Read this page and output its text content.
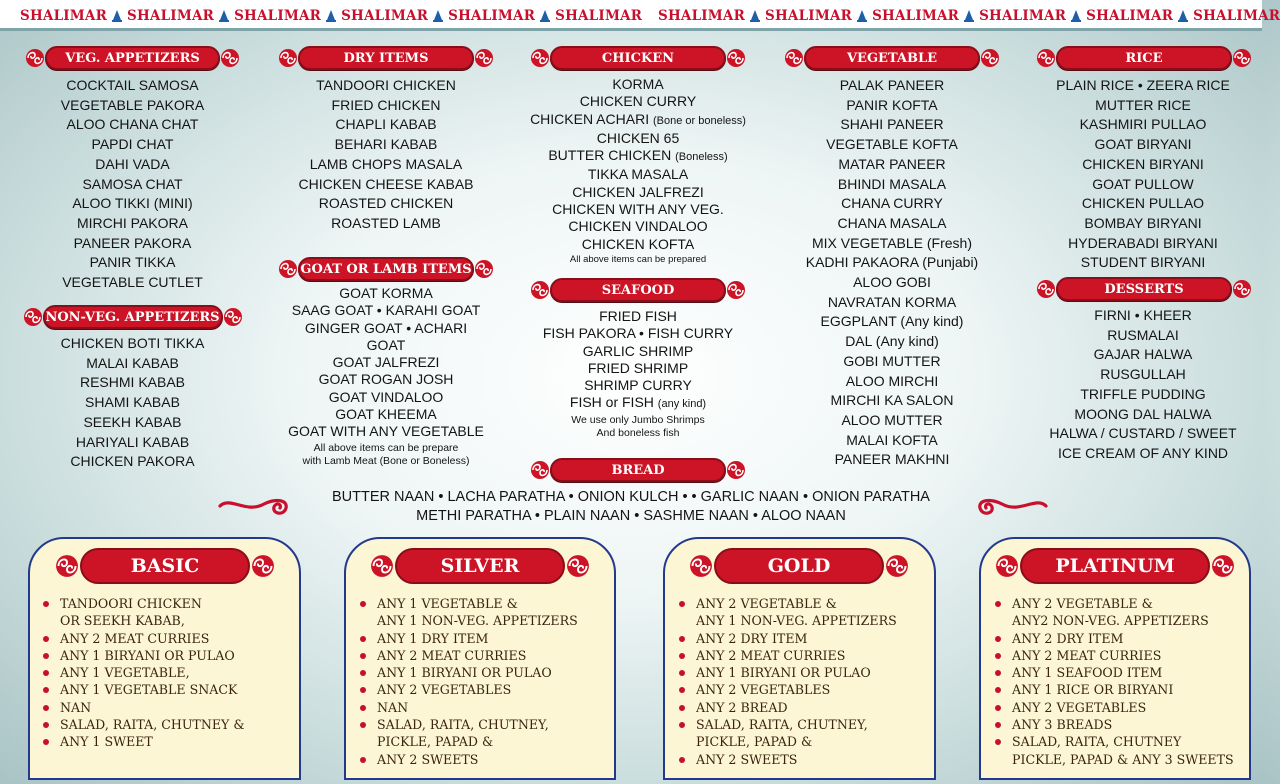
SHALIMAR SHALIMAR SHALIMAR SHALIMAR SHALIMAR SHALIMAR SHALIMAR SHALIMAR SHALIMAR SHALIMAR SHALIMAR SHALIMAR
VEG. APPETIZERS
COCKTAIL SAMOSA
VEGETABLE PAKORA
ALOO CHANA CHAT
PAPDI CHAT
DAHI VADA
SAMOSA CHAT
ALOO TIKKI (MINI)
MIRCHI PAKORA
PANEER PAKORA
PANIR TIKKA
VEGETABLE CUTLET
NON-VEG. APPETIZERS
CHICKEN BOTI TIKKA
MALAI KABAB
RESHMI KABAB
SHAMI KABAB
SEEKH KABAB
HARIYALI KABAB
CHICKEN PAKORA
DRY ITEMS
TANDOORI CHICKEN
FRIED CHICKEN
CHAPLI KABAB
BEHARI KABAB
LAMB CHOPS MASALA
CHICKEN CHEESE KABAB
ROASTED CHICKEN
ROASTED LAMB
GOAT OR LAMB ITEMS
GOAT KORMA
SAAG GOAT • KARAHI GOAT
GINGER GOAT • ACHARI
GOAT
GOAT JALFREZI
GOAT ROGAN JOSH
GOAT VINDALOO
GOAT KHEEMA
GOAT WITH ANY VEGETABLE
All above items can be prepare
with Lamb Meat (Bone or Boneless)
CHICKEN
KORMA
CHICKEN CURRY
CHICKEN ACHARI (Bone or boneless)
CHICKEN 65
BUTTER CHICKEN (Boneless)
TIKKA MASALA
CHICKEN JALFREZI
CHICKEN WITH ANY VEG.
CHICKEN VINDALOO
CHICKEN KOFTA
All above items can be prepared
SEAFOOD
FRIED FISH
FISH PAKORA • FISH CURRY
GARLIC SHRIMP
FRIED SHRIMP
SHRIMP CURRY
FISH or FISH (any kind)
We use only Jumbo Shrimps
And boneless fish
BREAD
VEGETABLE
PALAK PANEER
PANIR KOFTA
SHAHI PANEER
VEGETABLE KOFTA
MATAR PANEER
BHINDI MASALA
CHANA CURRY
CHANA MASALA
MIX VEGETABLE (Fresh)
KADHI PAKAORA (Punjabi)
ALOO GOBI
NAVRATAN KORMA
EGGPLANT (Any kind)
DAL (Any kind)
GOBI MUTTER
ALOO MIRCHI
MIRCHI KA SALON
ALOO MUTTER
MALAI KOFTA
PANEER MAKHNI
RICE
PLAIN RICE • ZEERA RICE
MUTTER RICE
KASHMIRI PULLAO
GOAT BIRYANI
CHICKEN BIRYANI
GOAT PULLOW
CHICKEN PULLAO
BOMBAY BIRYANI
HYDERABADI BIRYANI
STUDENT BIRYANI
DESSERTS
FIRNI • KHEER
RUSMALAI
GAJAR HALWA
RUSGULLAH
TRIFFLE PUDDING
MOONG DAL HALWA
HALWA / CUSTARD / SWEET
ICE CREAM OF ANY KIND
BUTTER NAAN • LACHA PARATHA • ONION KULCH • • GARLIC NAAN • ONION PARATHA
METHI PARATHA • PLAIN NAAN • SASHME NAAN • ALOO NAAN
BASIC	SILVER	GOLD	PLATINUM
TANDOORI CHICKEN
OR SEEKH KABAB,
ANY 2 MEAT CURRIES
ANY 1 BIRYANI OR PULAO
ANY 1 VEGETABLE,
ANY 1 VEGETABLE SNACK
NAN
SALAD, RAITA, CHUTNEY &
ANY 1 SWEET
ANY 1 VEGETABLE &
ANY 1 NON-VEG. APPETIZERS
ANY 1 DRY ITEM
ANY 2 MEAT CURRIES
ANY 1 BIRYANI OR PULAO
ANY 2 VEGETABLES
NAN
SALAD, RAITA, CHUTNEY,
PICKLE, PAPAD &
ANY 2 SWEETS
ANY 2 VEGETABLE &
ANY 1 NON-VEG. APPETIZERS
ANY 2 DRY ITEM
ANY 2 MEAT CURRIES
ANY 1 BIRYANI OR PULAO
ANY 2 VEGETABLES
ANY 2 BREAD
SALAD, RAITA, CHUTNEY,
PICKLE, PAPAD &
ANY 2 SWEETS
ANY 2 VEGETABLE &
ANY2 NON-VEG. APPETIZERS
ANY 2 DRY ITEM
ANY 2 MEAT CURRIES
ANY 1 SEAFOOD ITEM
ANY 1 RICE OR BIRYANI
ANY 2 VEGETABLES
ANY 3 BREADS
SALAD, RAITA, CHUTNEY
PICKLE, PAPAD & ANY 3 SWEETS
